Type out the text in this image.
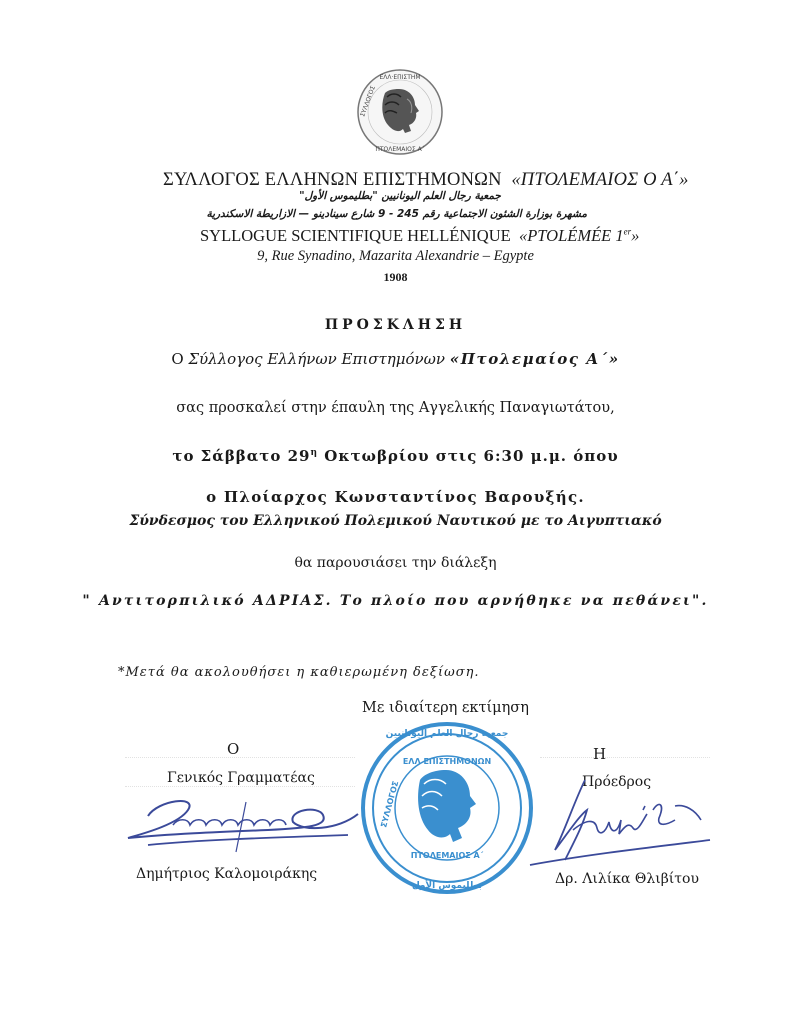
ΕΛΛ·ΕΠΙΣΤΗΜ
ΠΤΟΛΕΜΑΙΟΣ Α΄
ΣΥΛΛΟΓΟΣ
ΣΥΛΛΟΓΟΣ ΕΛΛΗΝΩΝ ΕΠΙΣΤΗΜΟΝΩΝ «ΠΤΟΛΕΜΑΙΟΣ Ο Α΄»
جمعية رجال العلم اليونانيين "بطليموس الأول"
مشهرة بوزارة الشئون الاجتماعية رقم 245 - 9 شارع سينادينو — الازاريطة الاسكندرية
SYLLOGUE SCIENTIFIQUE HELLÉNIQUE «PTOLÉMÉE 1er»
9, Rue Synadino, Mazarita Alexandrie – Egypte
1908
ΠΡΟΣΚΛΗΣΗ
Ο Σύλλογος Ελλήνων Επιστημόνων «Πτολεμαίος Α΄»
σας προσκαλεί στην έπαυλη της Αγγελικής Παναγιωτάτου,
το Σάββατο $29^\eta$ Οκτωβρίου στις 6:30 μ.μ. όπου
ο Πλοίαρχος Κωνσταντίνος Βαρουξής.
Σύνδεσμος του Ελληνικού Πολεμικού Ναυτικού με το Αιγυπτιακό
θα παρουσιάσει την διάλεξη
" Αντιτορπιλικό ΑΔΡΙΑΣ. Το πλοίο που αρνήθηκε να πεθάνει".
*Μετά θα ακολουθήσει η καθιερωμένη δεξίωση.
Με ιδιαίτερη εκτίμηση
Ο
Γενικός Γραμματέας
Δημήτριος Καλομοιράκης
ΕΛΛ ΕΠΙΣΤΗΜΟΝΩΝ
ΠΤΟΛΕΜΑΙΟΣ Α΄
ΣΥΛΛΟΓΟΣ
جمعية رجال العلم اليونانيين
بطليموس الأول
Η
Πρόεδρος
Δρ. Λιλίκα Θλιβίτου
